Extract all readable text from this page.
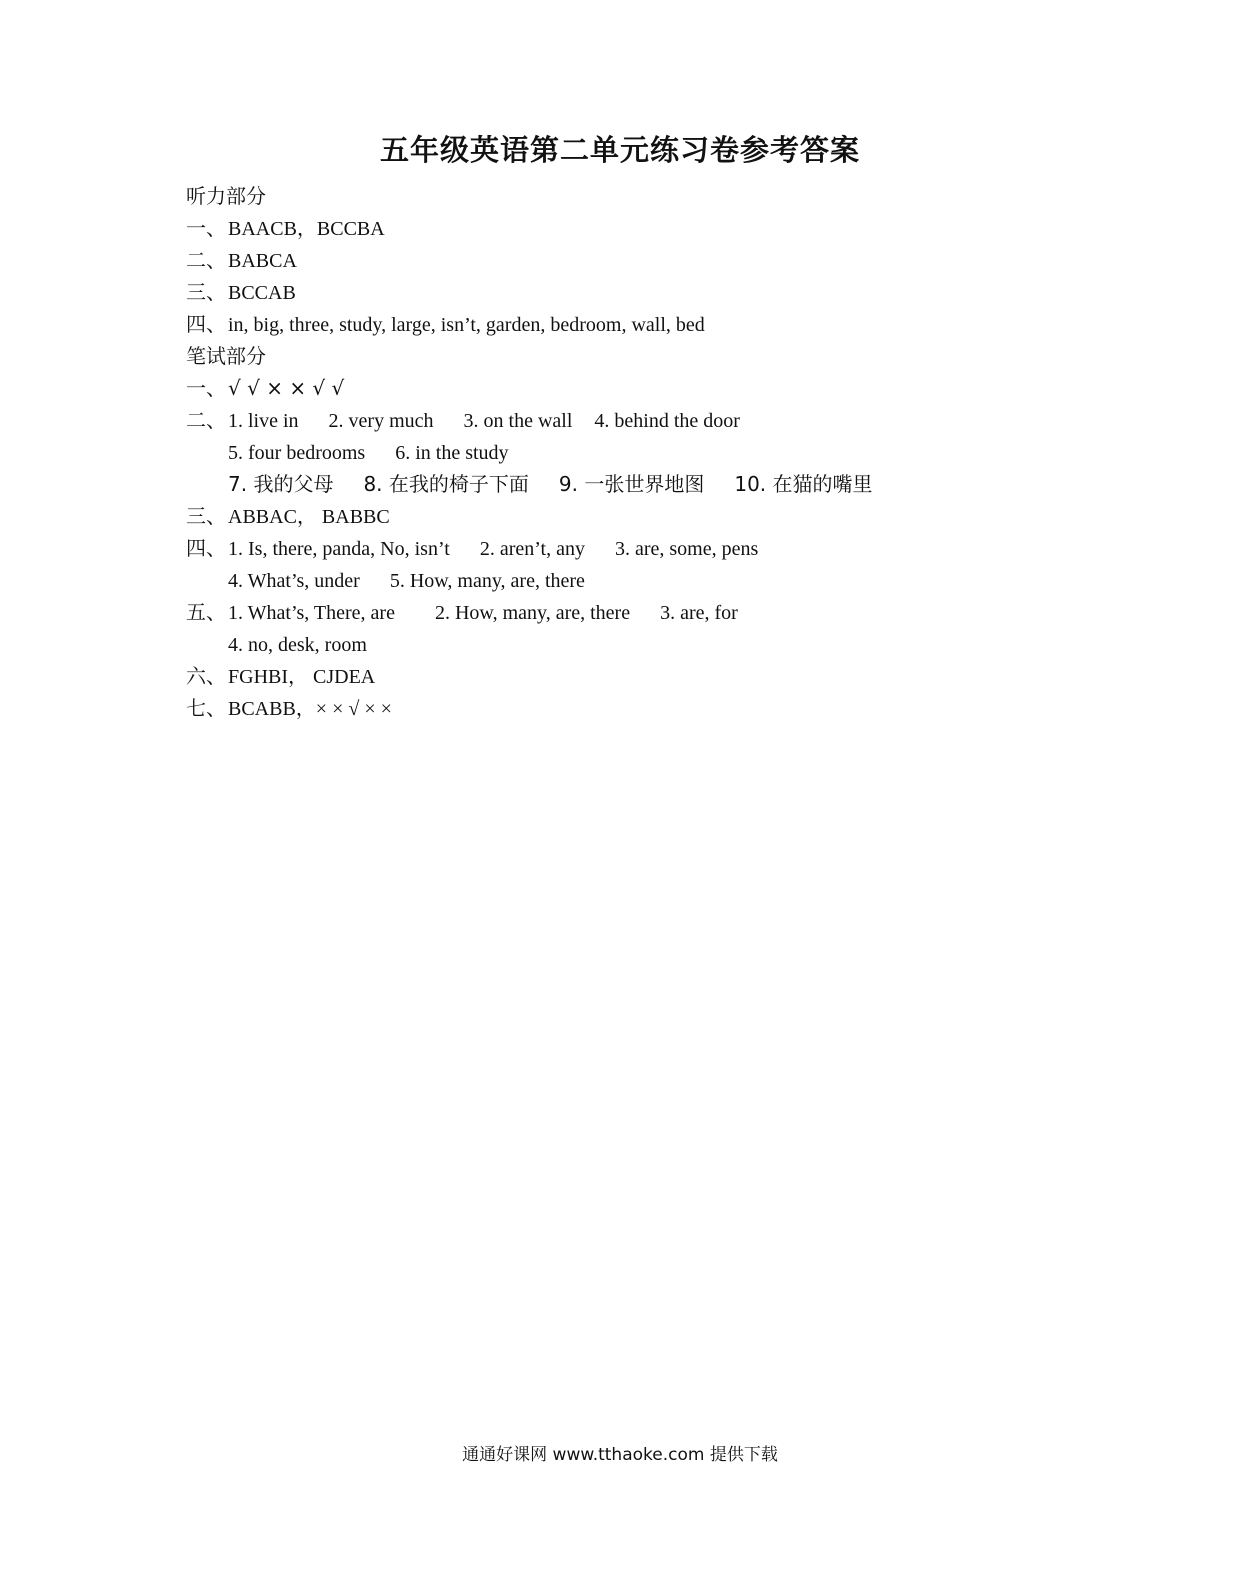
五年级英语第二单元练习卷参考答案
听力部分
一、 BAACB，BCCBA
二、 BABCA
三、 BCCAB
四、 in, big, three, study, large, isn’t, garden, bedroom, wall, bed
笔试部分
一、√ √ × × √ √
二、 1. live in 2. very much 3. on the wall 4. behind the door
5. four bedrooms 6. in the study
7. 我的父母 8. 在我的椅子下面 9. 一张世界地图 10. 在猫的嘴里
三、 ABBAC， BABBC
四、 1. Is, there, panda, No, isn’t 2. aren’t, any 3. are, some, pens
4. What’s, under 5. How, many, are, there
五、 1. What’s, There, are 2. How, many, are, there 3. are, for
4. no, desk, room
六、 FGHBI， CJDEA
七、 BCABB，× × √ × ×
通通好课网 www.tthaoke.com 提供下载
